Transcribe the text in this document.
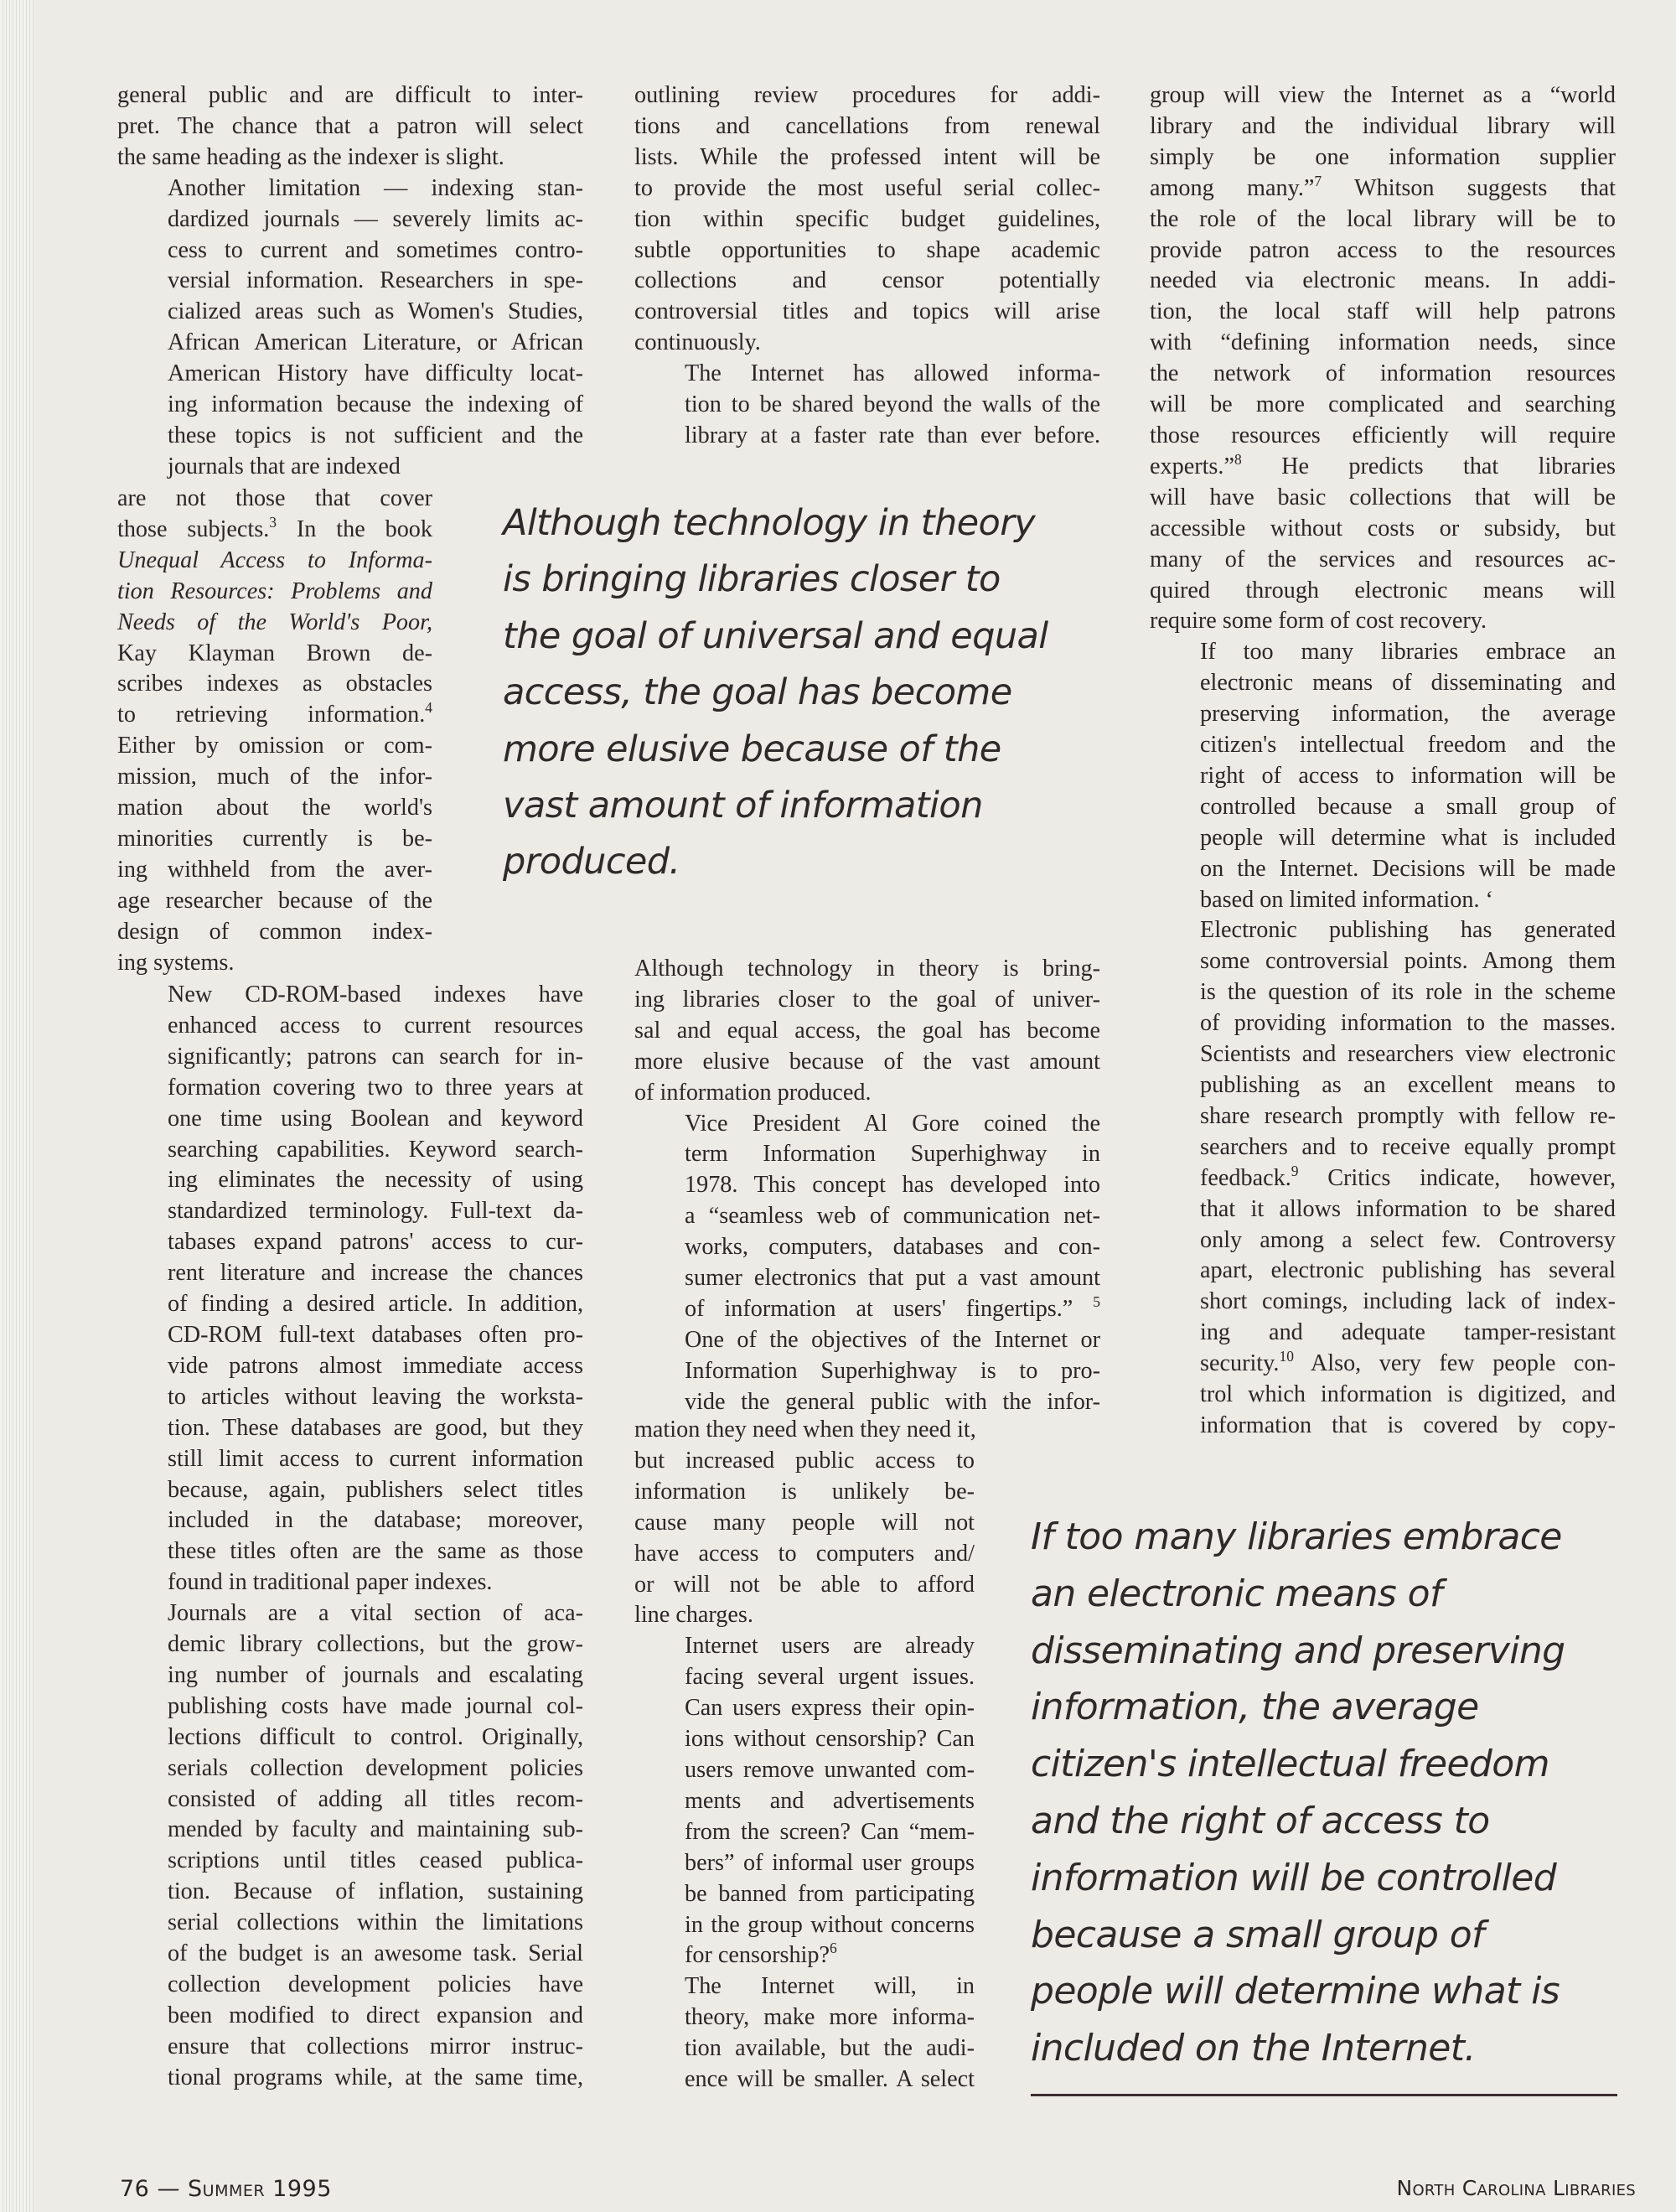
general public and are difficult to inter-
pret. The chance that a patron will select
the same heading as the indexer is slight.

Another limitation — indexing stan-
dardized journals — severely limits ac-
cess to current and sometimes contro-
versial information. Researchers in spe-
cialized areas such as Women's Studies,
African American Literature, or African
American History have difficulty locat-
ing information because the indexing of
these topics is not sufficient and the
journals that are indexed

are not those that cover
those subjects.$^3$ In the book
Unequal Access to Informa-
tion Resources: Problems and
Needs of the World's Poor,
Kay Klayman Brown de-
scribes indexes as obstacles
to retrieving information.$^4$
Either by omission or com-
mission, much of the infor-
mation about the world's
minorities currently is be-
ing withheld from the aver-
age researcher because of the
design of common index-
ing systems.

New CD-ROM-based indexes have
enhanced access to current resources
significantly; patrons can search for in-
formation covering two to three years at
one time using Boolean and keyword
searching capabilities. Keyword search-
ing eliminates the necessity of using
standardized terminology. Full-text da-
tabases expand patrons' access to cur-
rent literature and increase the chances
of finding a desired article. In addition,
CD-ROM full-text databases often pro-
vide patrons almost immediate access
to articles without leaving the worksta-
tion. These databases are good, but they
still limit access to current information
because, again, publishers select titles
included in the database; moreover,
these titles often are the same as those
found in traditional paper indexes.

Journals are a vital section of aca-
demic library collections, but the grow-
ing number of journals and escalating
publishing costs have made journal col-
lections difficult to control. Originally,
serials collection development policies
consisted of adding all titles recom-
mended by faculty and maintaining sub-
scriptions until titles ceased publica-
tion. Because of inflation, sustaining
serial collections within the limitations
of the budget is an awesome task. Serial
collection development policies have
been modified to direct expansion and
ensure that collections mirror instruc-
tional programs while, at the same time,

outlining review procedures for addi-
tions and cancellations from renewal
lists. While the professed intent will be
to provide the most useful serial collec-
tion within specific budget guidelines,
subtle opportunities to shape academic
collections and censor potentially
controversial titles and topics will arise
continuously.

The Internet has allowed informa-
tion to be shared beyond the walls of the
library at a faster rate than ever before.

Although technology in theory
is bringing libraries closer to
the goal of universal and equal
access, the goal has become
more elusive because of the
vast amount of information
produced.

Although technology in theory is bring-
ing libraries closer to the goal of univer-
sal and equal access, the goal has become
more elusive because of the vast amount
of information produced.

Vice President Al Gore coined the
term Information Superhighway in
1978. This concept has developed into
a “seamless web of communication net-
works, computers, databases and con-
sumer electronics that put a vast amount
of information at users' fingertips.” $^5$
One of the objectives of the Internet or
Information Superhighway is to pro-
vide the general public with the infor-

mation they need when they need it,
but increased public access to
information is unlikely be-
cause many people will not
have access to computers and/
or will not be able to afford
line charges.

Internet users are already
facing several urgent issues.
Can users express their opin-
ions without censorship? Can
users remove unwanted com-
ments and advertisements
from the screen? Can “mem-
bers” of informal user groups
be banned from participating
in the group without concerns
for censorship?$^6$

The Internet will, in
theory, make more informa-
tion available, but the audi-
ence will be smaller. A select

group will view the Internet as a “world
library and the individual library will
simply be one information supplier
among many.”$^7$ Whitson suggests that
the role of the local library will be to
provide patron access to the resources
needed via electronic means. In addi-
tion, the local staff will help patrons
with “defining information needs, since
the network of information resources
will be more complicated and searching
those resources efficiently will require
experts.”$^8$ He predicts that libraries
will have basic collections that will be
accessible without costs or subsidy, but
many of the services and resources ac-
quired through electronic means will
require some form of cost recovery.

If too many libraries embrace an
electronic means of disseminating and
preserving information, the average
citizen's intellectual freedom and the
right of access to information will be
controlled because a small group of
people will determine what is included
on the Internet. Decisions will be made
based on limited information. ‘

Electronic publishing has generated
some controversial points. Among them
is the question of its role in the scheme
of providing information to the masses.
Scientists and researchers view electronic
publishing as an excellent means to
share research promptly with fellow re-
searchers and to receive equally prompt
feedback.$^9$ Critics indicate, however,
that it allows information to be shared
only among a select few. Controversy
apart, electronic publishing has several
short comings, including lack of index-
ing and adequate tamper-resistant
security.$^{10}$ Also, very few people con-
trol which information is digitized, and
information that is covered by copy-

If too many libraries embrace
an electronic means of
disseminating and preserving
information, the average
citizen's intellectual freedom
and the right of access to
information will be controlled
because a small group of
people will determine what is
included on the Internet.
76 — Summer 1995	North Carolina Libraries
